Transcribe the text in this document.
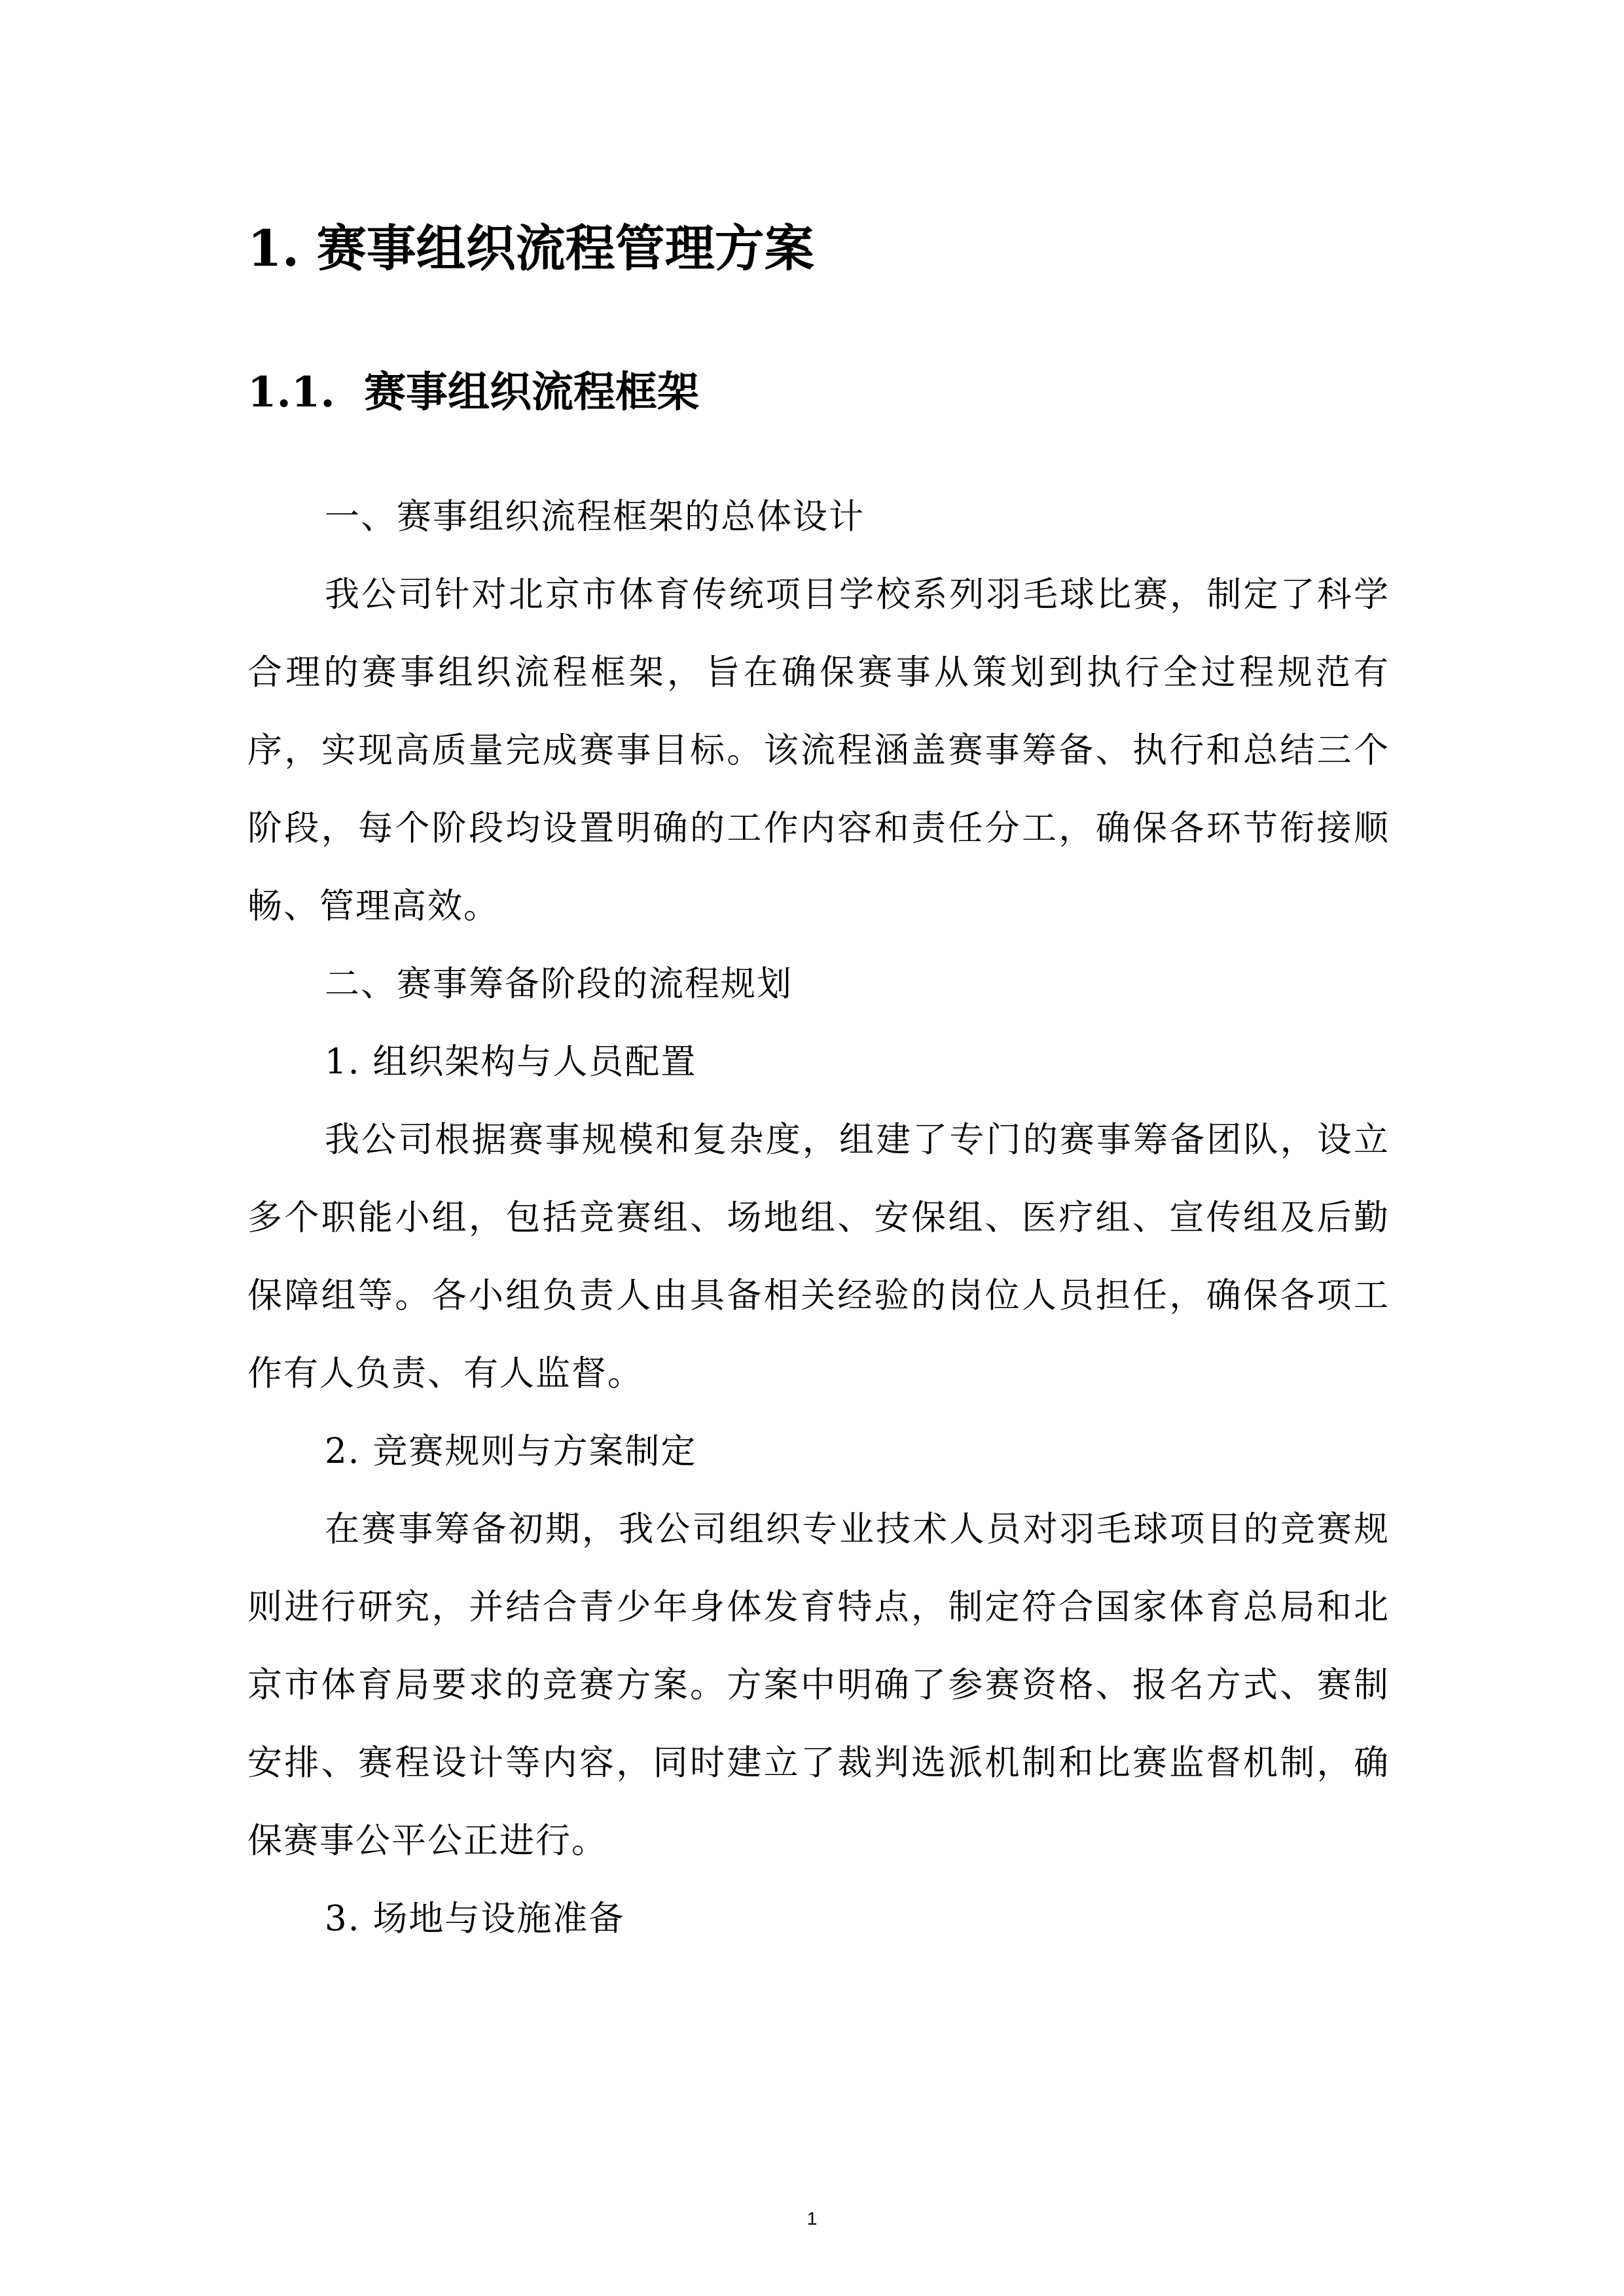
1. 赛事组织流程管理方案
1.1. 赛事组织流程框架

一、赛事组织流程框架的总体设计

我公司针对北京市体育传统项目学校系列羽毛球比赛，制定了科学合理的赛事组织流程框架，旨在确保赛事从策划到执行全过程规范有序，实现高质量完成赛事目标。该流程涵盖赛事筹备、执行和总结三个阶段，每个阶段均设置明确的工作内容和责任分工，确保各环节衔接顺畅、管理高效。

二、赛事筹备阶段的流程规划

1. 组织架构与人员配置

我公司根据赛事规模和复杂度，组建了专门的赛事筹备团队，设立多个职能小组，包括竞赛组、场地组、安保组、医疗组、宣传组及后勤保障组等。各小组负责人由具备相关经验的岗位人员担任，确保各项工作有人负责、有人监督。

2. 竞赛规则与方案制定

在赛事筹备初期，我公司组织专业技术人员对羽毛球项目的竞赛规则进行研究，并结合青少年身体发育特点，制定符合国家体育总局和北京市体育局要求的竞赛方案。方案中明确了参赛资格、报名方式、赛制安排、赛程设计等内容，同时建立了裁判选派机制和比赛监督机制，确保赛事公平公正进行。

3. 场地与设施准备

1
